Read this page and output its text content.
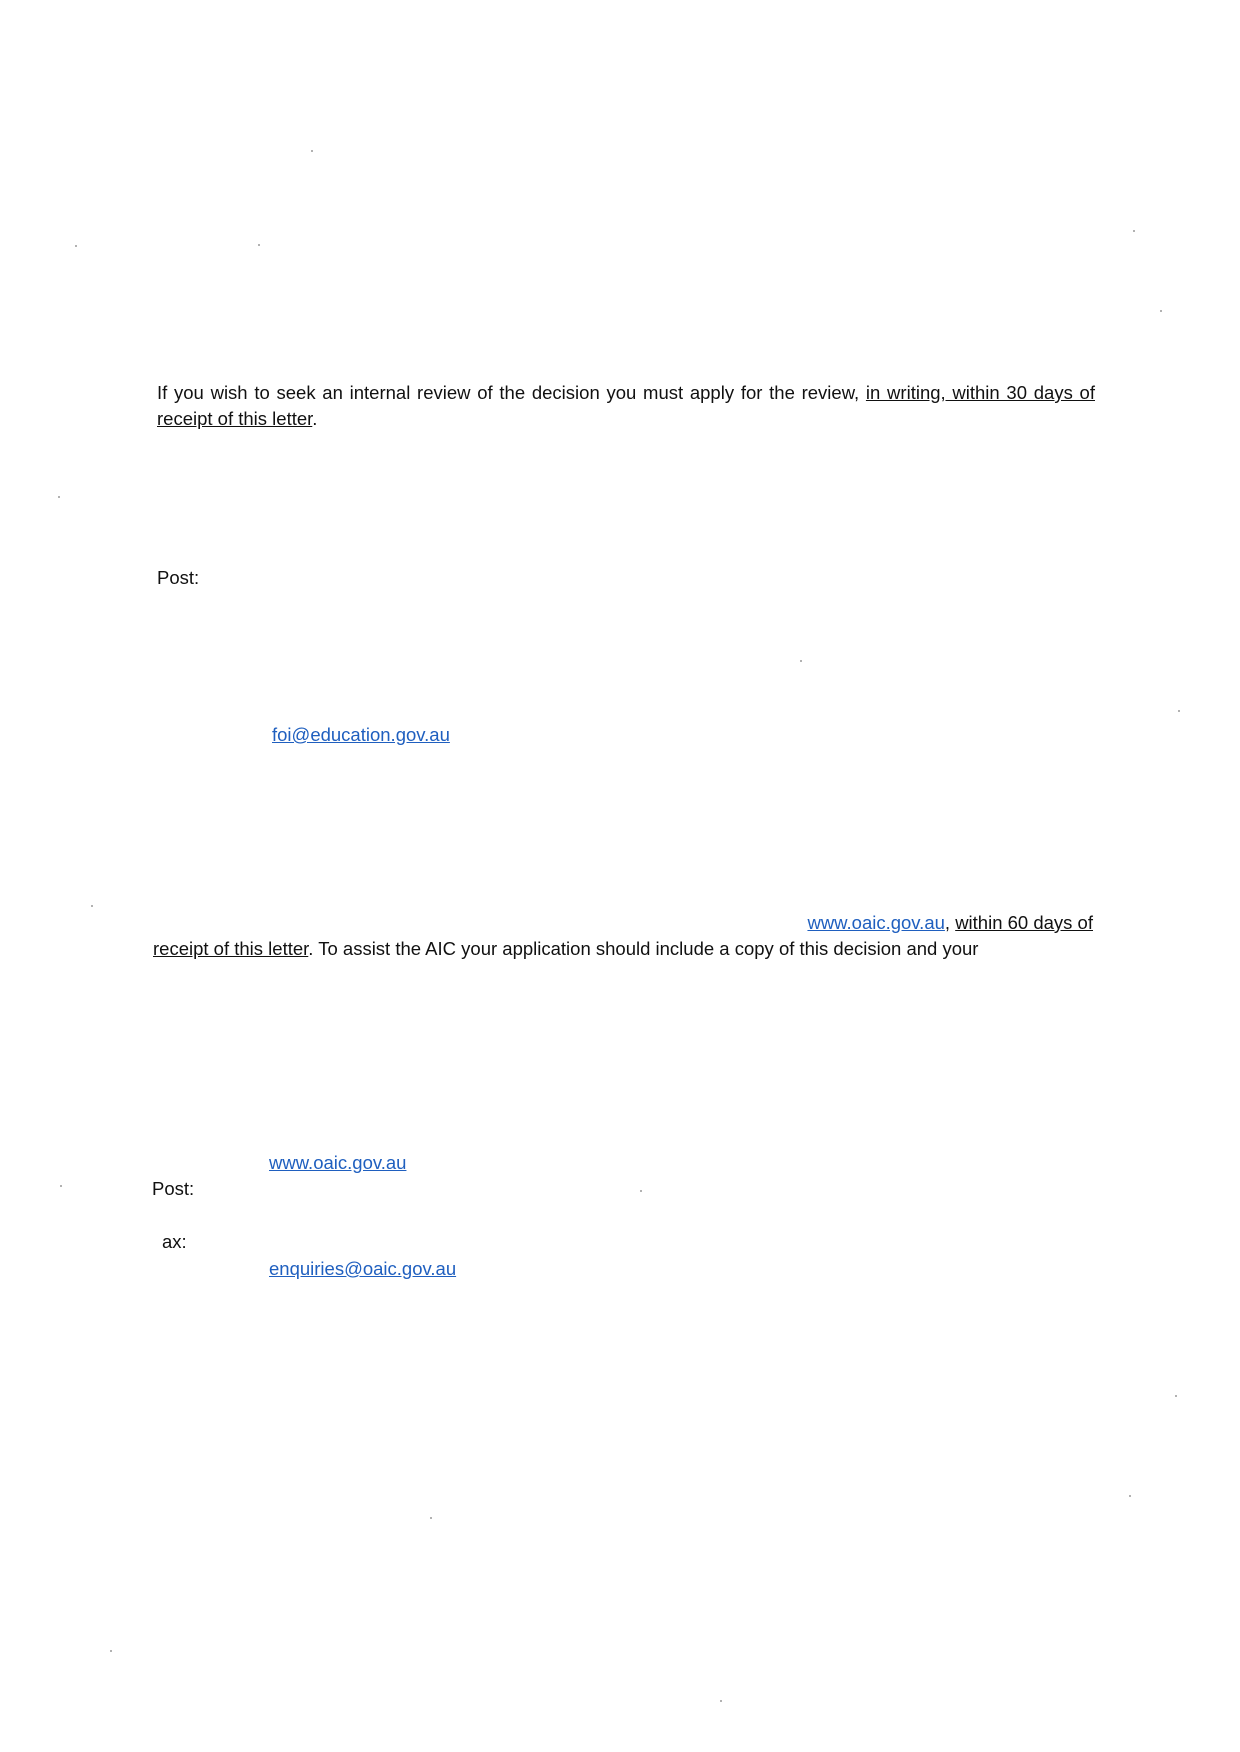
If you wish to seek an internal review of the decision you must apply for the review, in writing, within 30 days of receipt of this letter.

Post:
foi@education.gov.au

www.oaic.gov.au, within 60 days of

receipt of this letter. To assist the AIC your application should include a copy of this decision and your

www.oaic.gov.au
Post:
ax:
enquiries@oaic.gov.au
